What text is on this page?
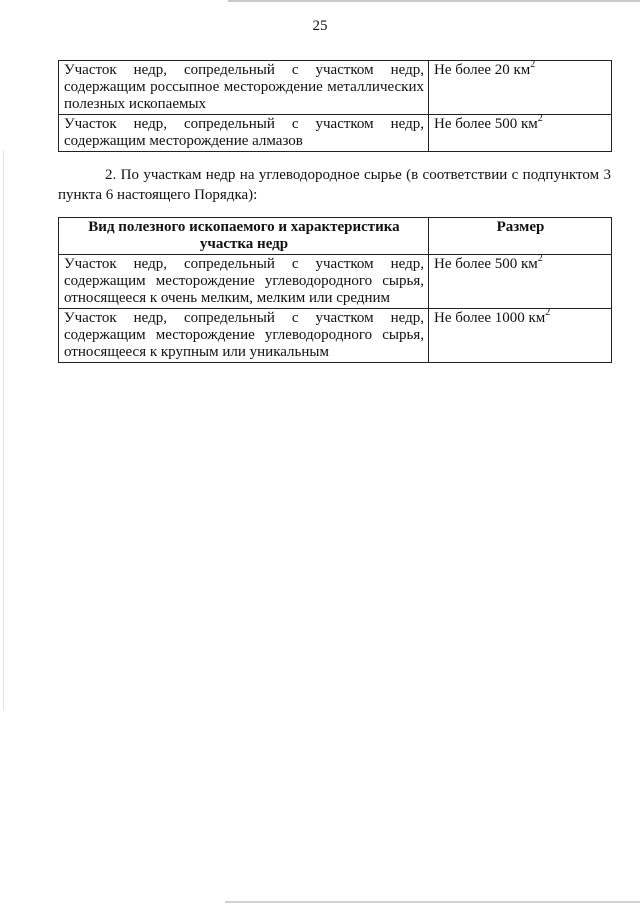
25
Участок недр, сопредельный с участком недр, содержащим россыпное месторождение металлических полезных ископаемых	Не более 20 $км^2$
Участок недр, сопредельный с участком недр, содержащим месторождение алмазов	Не более 500 $км^2$
2. По участкам недр на углеводородное сырье (в соответствии с подпунктом 3 пункта 6 настоящего Порядка):
Вид полезного ископаемого и характеристика участка недр	Размер
Участок недр, сопредельный с участком недр, содержащим месторождение углеводородного сырья, относящееся к очень мелким, мелким или средним	Не более 500 $км^2$
Участок недр, сопредельный с участком недр, содержащим месторождение углеводородного сырья, относящееся к крупным или уникальным	Не более 1000 $км^2$
